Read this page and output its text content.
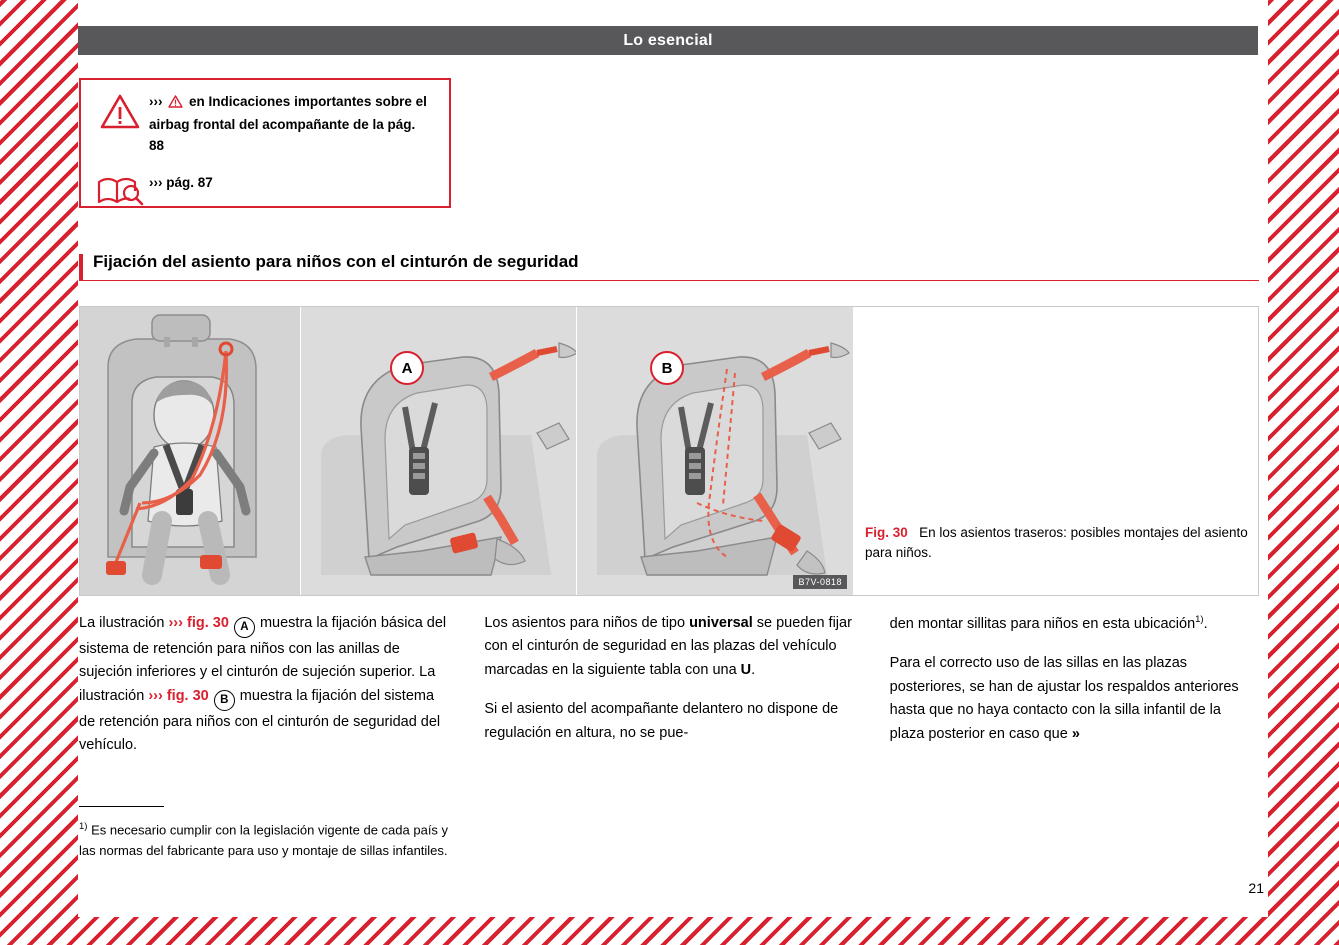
Lo esencial
››› en Indicaciones importantes sobre el airbag frontal del acompañante de la pág. 88
››› pág. 87
Fijación del asiento para niños con el cinturón de seguridad
A	B
B7V-0818
Fig. 30 En los asientos traseros: posibles montajes del asiento para niños.

La ilustración ››› fig. 30 A muestra la fijación básica del sistema de retención para niños con las anillas de sujeción inferiores y el cinturón de sujeción superior. La ilustración ››› fig. 30 B muestra la fijación del sistema de retención para niños con el cinturón de seguridad del vehículo.

Los asientos para niños de tipo universal se pueden fijar con el cinturón de seguridad en las plazas del vehículo marcadas en la siguiente tabla con una U.

Si el asiento del acompañante delantero no dispone de regulación en altura, no se pue-

den montar sillitas para niños en esta ubicación$^{1)}$.

Para el correcto uso de las sillas en las plazas posteriores, se han de ajustar los respaldos anteriores hasta que no haya contacto con la silla infantil de la plaza posterior en caso que »

$^{1)}$ Es necesario cumplir con la legislación vigente de cada país y las normas del fabricante para uso y montaje de sillas infantiles.

21
